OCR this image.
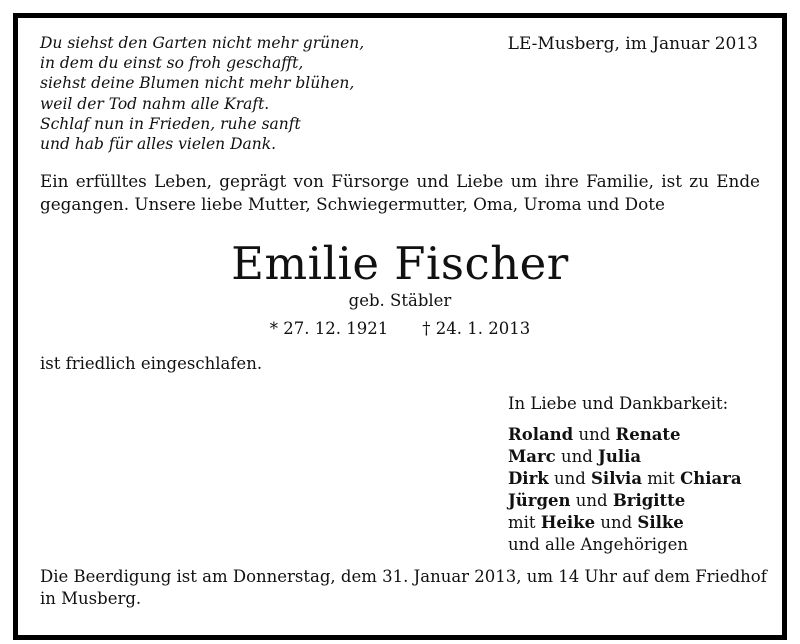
Du siehst den Garten nicht mehr grünen,
in dem du einst so froh geschafft,
siehst deine Blumen nicht mehr blühen,
weil der Tod nahm alle Kraft.
Schlaf nun in Frieden, ruhe sanft
und hab für alles vielen Dank.
LE-Musberg, im Januar 2013
Ein erfülltes Leben, geprägt von Fürsorge und Liebe um ihre Familie, ist zu Ende
gegangen. Unsere liebe Mutter, Schwiegermutter, Oma, Uroma und Dote
Emilie Fischer
geb. Stäbler
* 27. 12. 1921 † 24. 1. 2013
ist friedlich eingeschlafen.
In Liebe und Dankbarkeit:
Roland und Renate
Marc und Julia
Dirk und Silvia mit Chiara
Jürgen und Brigitte
mit Heike und Silke
und alle Angehörigen
Die Beerdigung ist am Donnerstag, dem 31. Januar 2013, um 14 Uhr auf dem Friedhof
in Musberg.
